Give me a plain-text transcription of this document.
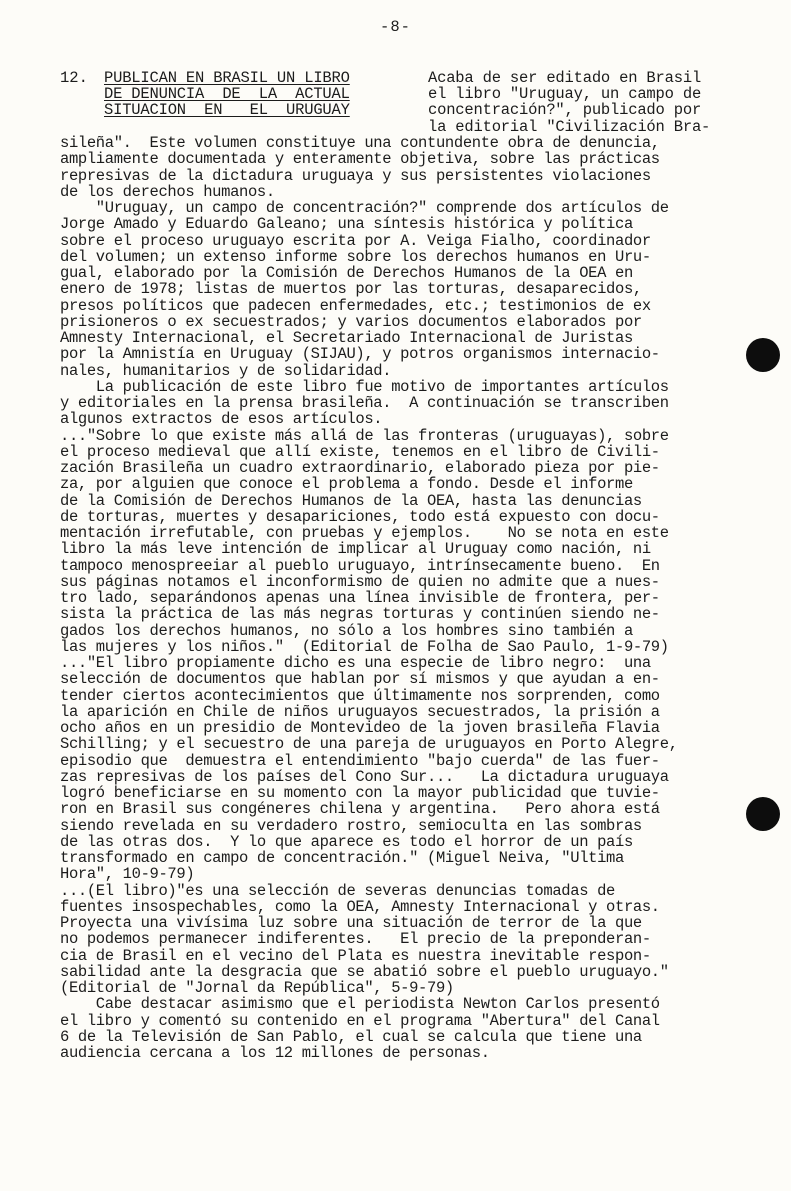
-8-
12. PUBLICAN EN BRASIL UN LIBRO
DE DENUNCIA  DE  LA  ACTUAL
SITUACION  EN   EL  URUGUAY
Acaba de ser editado en Brasil
el libro "Uruguay, un campo de
concentración?", publicado por
la editorial "Civilización Bra-
sileña".  Este volumen constituye una contundente obra de denuncia,
ampliamente documentada y enteramente objetiva, sobre las prácticas
represivas de la dictadura uruguaya y sus persistentes violaciones
de los derechos humanos.
"Uruguay, un campo de concentración?" comprende dos artículos de
Jorge Amado y Eduardo Galeano; una síntesis histórica y política
sobre el proceso uruguayo escrita por A. Veiga Fialho, coordinador
del volumen; un extenso informe sobre los derechos humanos en Uru-
gual, elaborado por la Comisión de Derechos Humanos de la OEA en
enero de 1978; listas de muertos por las torturas, desaparecidos,
presos políticos que padecen enfermedades, etc.; testimonios de ex
prisioneros o ex secuestrados; y varios documentos elaborados por
Amnesty Internacional, el Secretariado Internacional de Juristas
por la Amnistía en Uruguay (SIJAU), y potros organismos internacio-
nales, humanitarios y de solidaridad.
La publicación de este libro fue motivo de importantes artículos
y editoriales en la prensa brasileña.  A continuación se transcriben
algunos extractos de esos artículos.
..."Sobre lo que existe más allá de las fronteras (uruguayas), sobre
el proceso medieval que allí existe, tenemos en el libro de Civili-
zación Brasileña un cuadro extraordinario, elaborado pieza por pie-
za, por alguien que conoce el problema a fondo. Desde el informe
de la Comisión de Derechos Humanos de la OEA, hasta las denuncias
de torturas, muertes y desapariciones, todo está expuesto con docu-
mentación irrefutable, con pruebas y ejemplos.    No se nota en este
libro la más leve intención de implicar al Uruguay como nación, ni
tampoco menospreeiar al pueblo uruguayo, intrínsecamente bueno.  En
sus páginas notamos el inconformismo de quien no admite que a nues-
tro lado, separándonos apenas una línea invisible de frontera, per-
sista la práctica de las más negras torturas y continúen siendo ne-
gados los derechos humanos, no sólo a los hombres sino también a
las mujeres y los niños."  (Editorial de Folha de Sao Paulo, 1-9-79)
..."El libro propiamente dicho es una especie de libro negro:  una
selección de documentos que hablan por sí mismos y que ayudan a en-
tender ciertos acontecimientos que últimamente nos sorprenden, como
la aparición en Chile de niños uruguayos secuestrados, la prisión a
ocho años en un presidio de Montevideo de la joven brasileña Flavia
Schilling; y el secuestro de una pareja de uruguayos en Porto Alegre,
episodio que  demuestra el entendimiento "bajo cuerda" de las fuer-
zas represivas de los países del Cono Sur...   La dictadura uruguaya
logró beneficiarse en su momento con la mayor publicidad que tuvie-
ron en Brasil sus congéneres chilena y argentina.   Pero ahora está
siendo revelada en su verdadero rostro, semioculta en las sombras
de las otras dos.  Y lo que aparece es todo el horror de un país
transformado en campo de concentración." (Miguel Neiva, "Ultima
Hora", 10-9-79)
...(El libro)"es una selección de severas denuncias tomadas de
fuentes insospechables, como la OEA, Amnesty Internacional y otras.
Proyecta una vivísima luz sobre una situación de terror de la que
no podemos permanecer indiferentes.   El precio de la preponderan-
cia de Brasil en el vecino del Plata es nuestra inevitable respon-
sabilidad ante la desgracia que se abatió sobre el pueblo uruguayo."
(Editorial de "Jornal da República", 5-9-79)
Cabe destacar asimismo que el periodista Newton Carlos presentó
el libro y comentó su contenido en el programa "Abertura" del Canal
6 de la Televisión de San Pablo, el cual se calcula que tiene una
audiencia cercana a los 12 millones de personas.
